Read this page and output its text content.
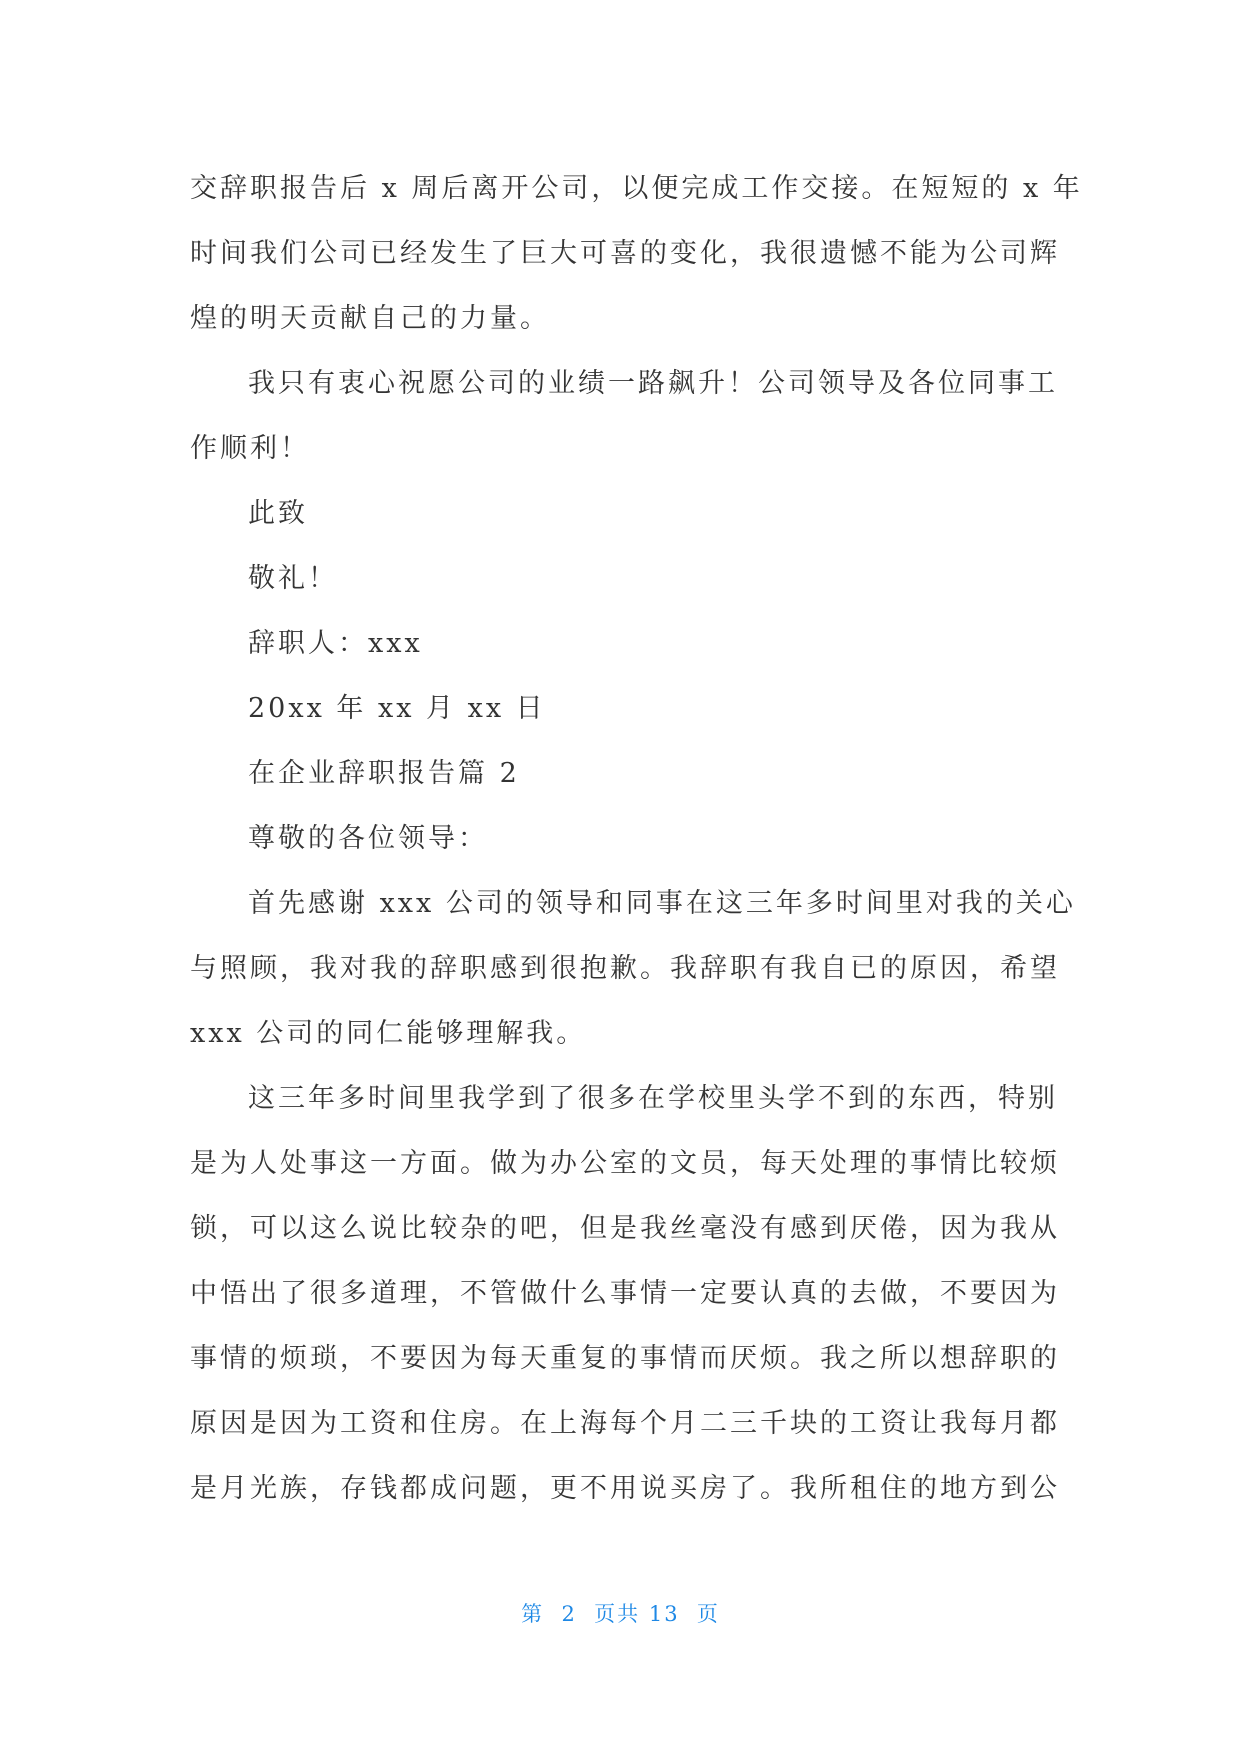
交辞职报告后 x 周后离开公司，以便完成工作交接。在短短的 x 年
时间我们公司已经发生了巨大可喜的变化，我很遗憾不能为公司辉
煌的明天贡献自己的力量。
我只有衷心祝愿公司的业绩一路飙升！公司领导及各位同事工
作顺利！
此致
敬礼！
辞职人：xxx
20xx 年 xx 月 xx 日
在企业辞职报告篇 2
尊敬的各位领导：
首先感谢 xxx 公司的领导和同事在这三年多时间里对我的关心
与照顾，我对我的辞职感到很抱歉。我辞职有我自已的原因，希望
xxx 公司的同仁能够理解我。
这三年多时间里我学到了很多在学校里头学不到的东西，特别
是为人处事这一方面。做为办公室的文员，每天处理的事情比较烦
锁，可以这么说比较杂的吧，但是我丝毫没有感到厌倦，因为我从
中悟出了很多道理，不管做什么事情一定要认真的去做，不要因为
事情的烦琐，不要因为每天重复的事情而厌烦。我之所以想辞职的
原因是因为工资和住房。在上海每个月二三千块的工资让我每月都
是月光族，存钱都成问题，更不用说买房了。我所租住的地方到公
第  2  页共 13  页
